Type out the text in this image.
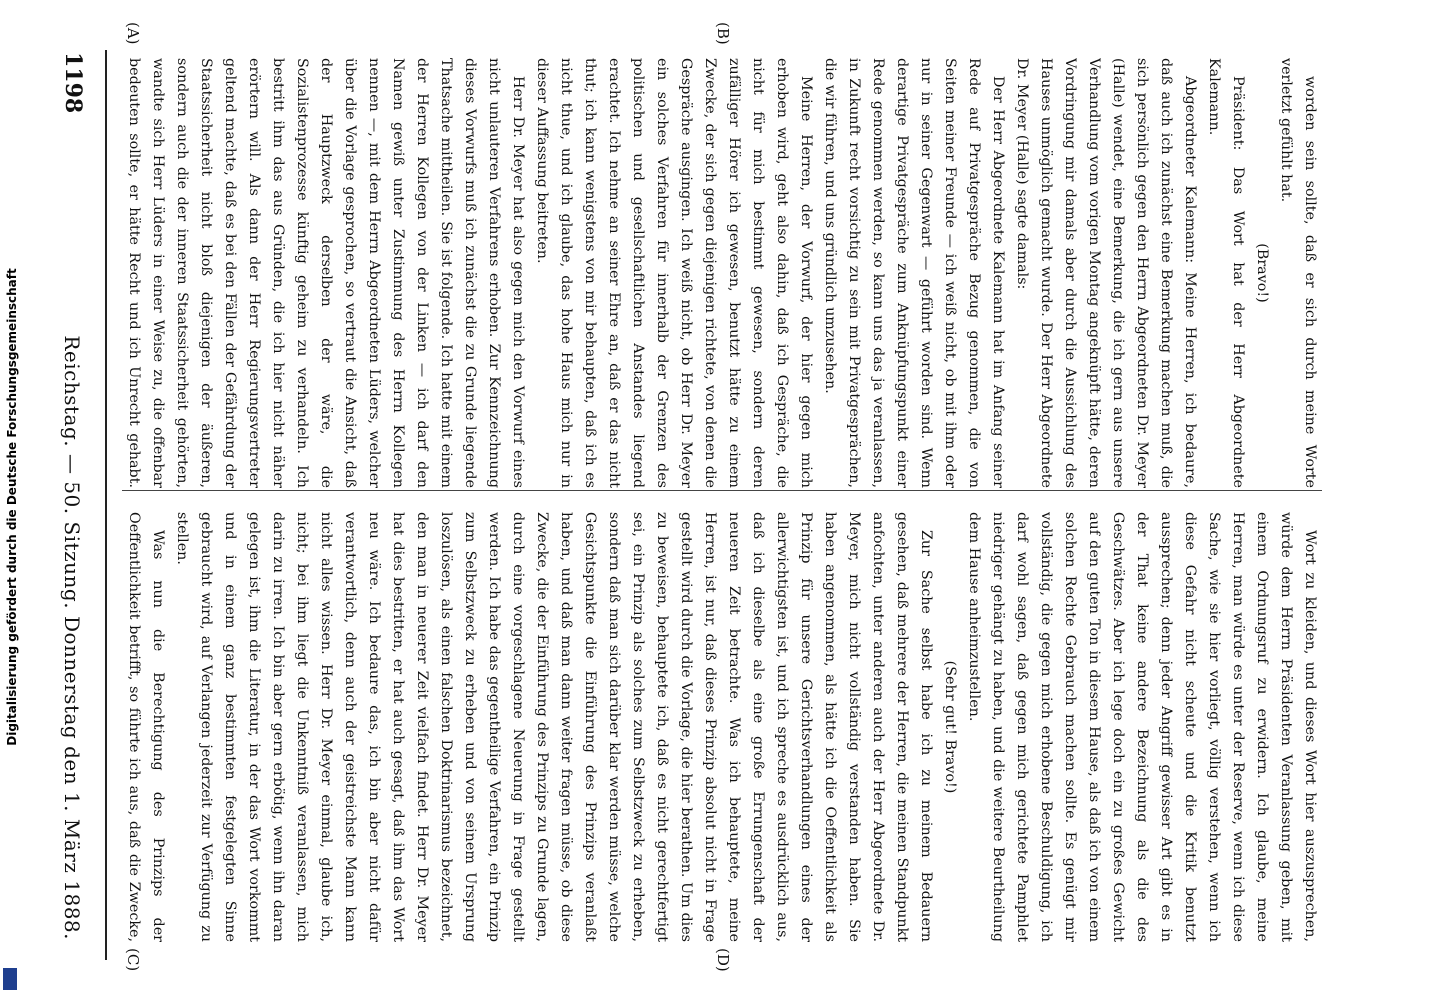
1198
Reichstag. — 50. Sitzung. Donnerstag den 1. März 1888.
(A)	(B)
(C)	(D)

worden sein sollte, daß er sich durch meine Worte verletzt gefühlt hat.

(Bravo!)

Präsident: Das Wort hat der Herr Abgeordnete Kalemann.

Abgeordneter Kalemann: Meine Herren, ich bedaure, daß auch ich zunächst eine Bemerkung machen muß, die sich persönlich gegen den Herrn Abgeordneten Dr. Meyer (Halle) wendet, eine Bemerkung, die ich gern aus unsere Verhandlung vom vorigen Montag angeknüpft hätte, deren Vordringung mir damals aber durch die Aussichlung des Hauses unmöglich gemacht wurde. Der Herr Abgeordnete Dr. Meyer (Halle) sagte damals:

Der Herr Abgeordnete Kalemann hat im Anfang seiner Rede auf Privatgespräche Bezug genommen, die von Seiten meiner Freunde — ich weiß nicht, ob mit ihm oder nur in seiner Gegenwart — geführt worden sind. Wenn derartige Privatgespräche zum Anknüpfungspunkt einer Rede genommen werden, so kann uns das ja veranlassen, in Zukunft recht vorsichtig zu sein mit Privatgesprächen, die wir führen, und uns gründlich umzusehen.

Meine Herren, der Vorwurf, der hier gegen mich erhoben wird, geht also dahin, daß ich Gespräche, die nicht für mich bestimmt gewesen, sondern deren zufälliger Hörer ich gewesen, benutzt hätte zu einem Zwecke, der sich gegen diejenigen richtete, von denen die Gespräche ausgingen. Ich weiß nicht, ob Herr Dr. Meyer ein solches Verfahren für innerhalb der Grenzen des politischen und gesellschaftlichen Anstandes liegend erachtet. Ich nehme an seiner Ehre an, daß er das nicht thut; ich kann wenigstens von mir behaupten, daß ich es nicht thue, und ich glaube, das hohe Haus mich nur in dieser Auffassung beitreten.

Herr Dr. Meyer hat also gegen mich den Vorwurf eines nicht unlauteren Verfahrens erhoben. Zur Kennzeichnung dieses Vorwurfs muß ich zunächst die zu Grunde liegende Thatsache mittheilen. Sie ist folgende. Ich hatte mit einem der Herren Kollegen von der Linken — ich darf den Namen gewiß unter Zustimmung des Herrn Kollegen nennen —, mit dem Herrn Abgeordneten Lüders, welcher über die Vorlage gesprochen, so vertraut die Ansicht, daß der Hauptzweck derselben der wäre, die Sozialistenprozesse künftig geheim zu verhandeln. Ich bestritt ihm das aus Gründen, die ich hier nicht näher erörtern will. Als dann der Herr Regierungsvertreter geltend machte, daß es bei den Fällen der Gefährdung der Staatssicherheit nicht bloß diejenigen der äußeren, sondern auch die der inneren Staatssicherheit gehörten, wandte sich Herr Lüders in einer Weise zu, die offenbar bedeuten sollte, er hätte Recht und ich Unrecht gehabt.

Wort zu kleiden, und dieses Wort hier auszusprechen, würde dem Herrn Präsidenten Veranlassung geben, mit einem Ordnungsruf zu erwidern. Ich glaube, meine Herren, man würde es unter der Reserve, wenn ich diese Sache, wie sie hier vorliegt, völlig verstehen, wenn ich diese Gefahr nicht scheute und die Kritik benutzt aussprechen; denn jeder Angriff gewisser Art gibt es in der That keine andere Bezeichnung als die des Geschwätzes. Aber ich lege doch ein zu großes Gewicht auf den guten Ton in diesem Hause, als daß ich von einem solchen Rechte Gebrauch machen sollte. Es genügt mir vollständig, die gegen mich erhobene Beschuldigung, ich darf wohl sagen, daß gegen mich gerichtete Pamphlet niedriger gehängt zu haben, und die weitere Beurtheilung dem Hause anheimzustellen.

(Sehr gut! Bravo!)

Zur Sache selbst habe ich zu meinem Bedauern gesehen, daß mehrere der Herren, die meinen Standpunkt anfochten, unter anderen auch der Herr Abgeordnete Dr. Meyer, mich nicht vollständig verstanden haben. Sie haben angenommen, als hätte ich die Oeffentlichkeit als Prinzip für unsere Gerichtsverhandlungen eines der allerwichtigsten ist, und ich spreche es ausdrücklich aus, daß ich dieselbe als eine große Errungenschaft der neueren Zeit betrachte. Was ich behauptete, meine Herren, ist nur, daß dieses Prinzip absolut nicht in Frage gestellt wird durch die Vorlage, die hier berathen. Um dies zu beweisen, behauptete ich, daß es nicht gerechtfertigt sei, ein Prinzip als solches zum Selbstzweck zu erheben, sondern daß man sich darüber klar werden müsse, welche Gesichtspunkte die Einführung des Prinzips veranlaßt haben, und daß man dann weiter fragen müsse, ob diese Zwecke, die der Einführung des Prinzips zu Grunde lagen, durch eine vorgeschlagene Neuerung in Frage gestellt werden. Ich habe das gegentheilige Verfahren, ein Prinzip zum Selbstzweck zu erheben und von seinem Ursprung loszulösen, als einen falschen Doktrinarismus bezeichnet, den man in neuerer Zeit vielfach findet. Herr Dr. Meyer hat dies bestritten, er hat auch gesagt, daß ihm das Wort neu wäre. Ich bedaure das, ich bin aber nicht dafür verantwortlich, denn auch der geistreichste Mann kann nicht alles wissen. Herr Dr. Meyer einmal, glaube ich, nicht; bei ihm liegt die Unkenntniß veranlassen, mich darin zu irren. Ich bin aber gern erbötig, wenn ihn daran gelegen ist, ihm die Literatur, in der das Wort vorkommt und in einem ganz bestimmten festgelegten Sinne gebraucht wird, auf Verlangen jederzeit zur Verfügung zu stellen.

Was nun die Berechtigung des Prinzips der Oeffentlichkeit betrifft, so führte ich aus, daß die Zwecke,

Digitalisierung gefördert durch die Deutsche Forschungsgemeinschaft
